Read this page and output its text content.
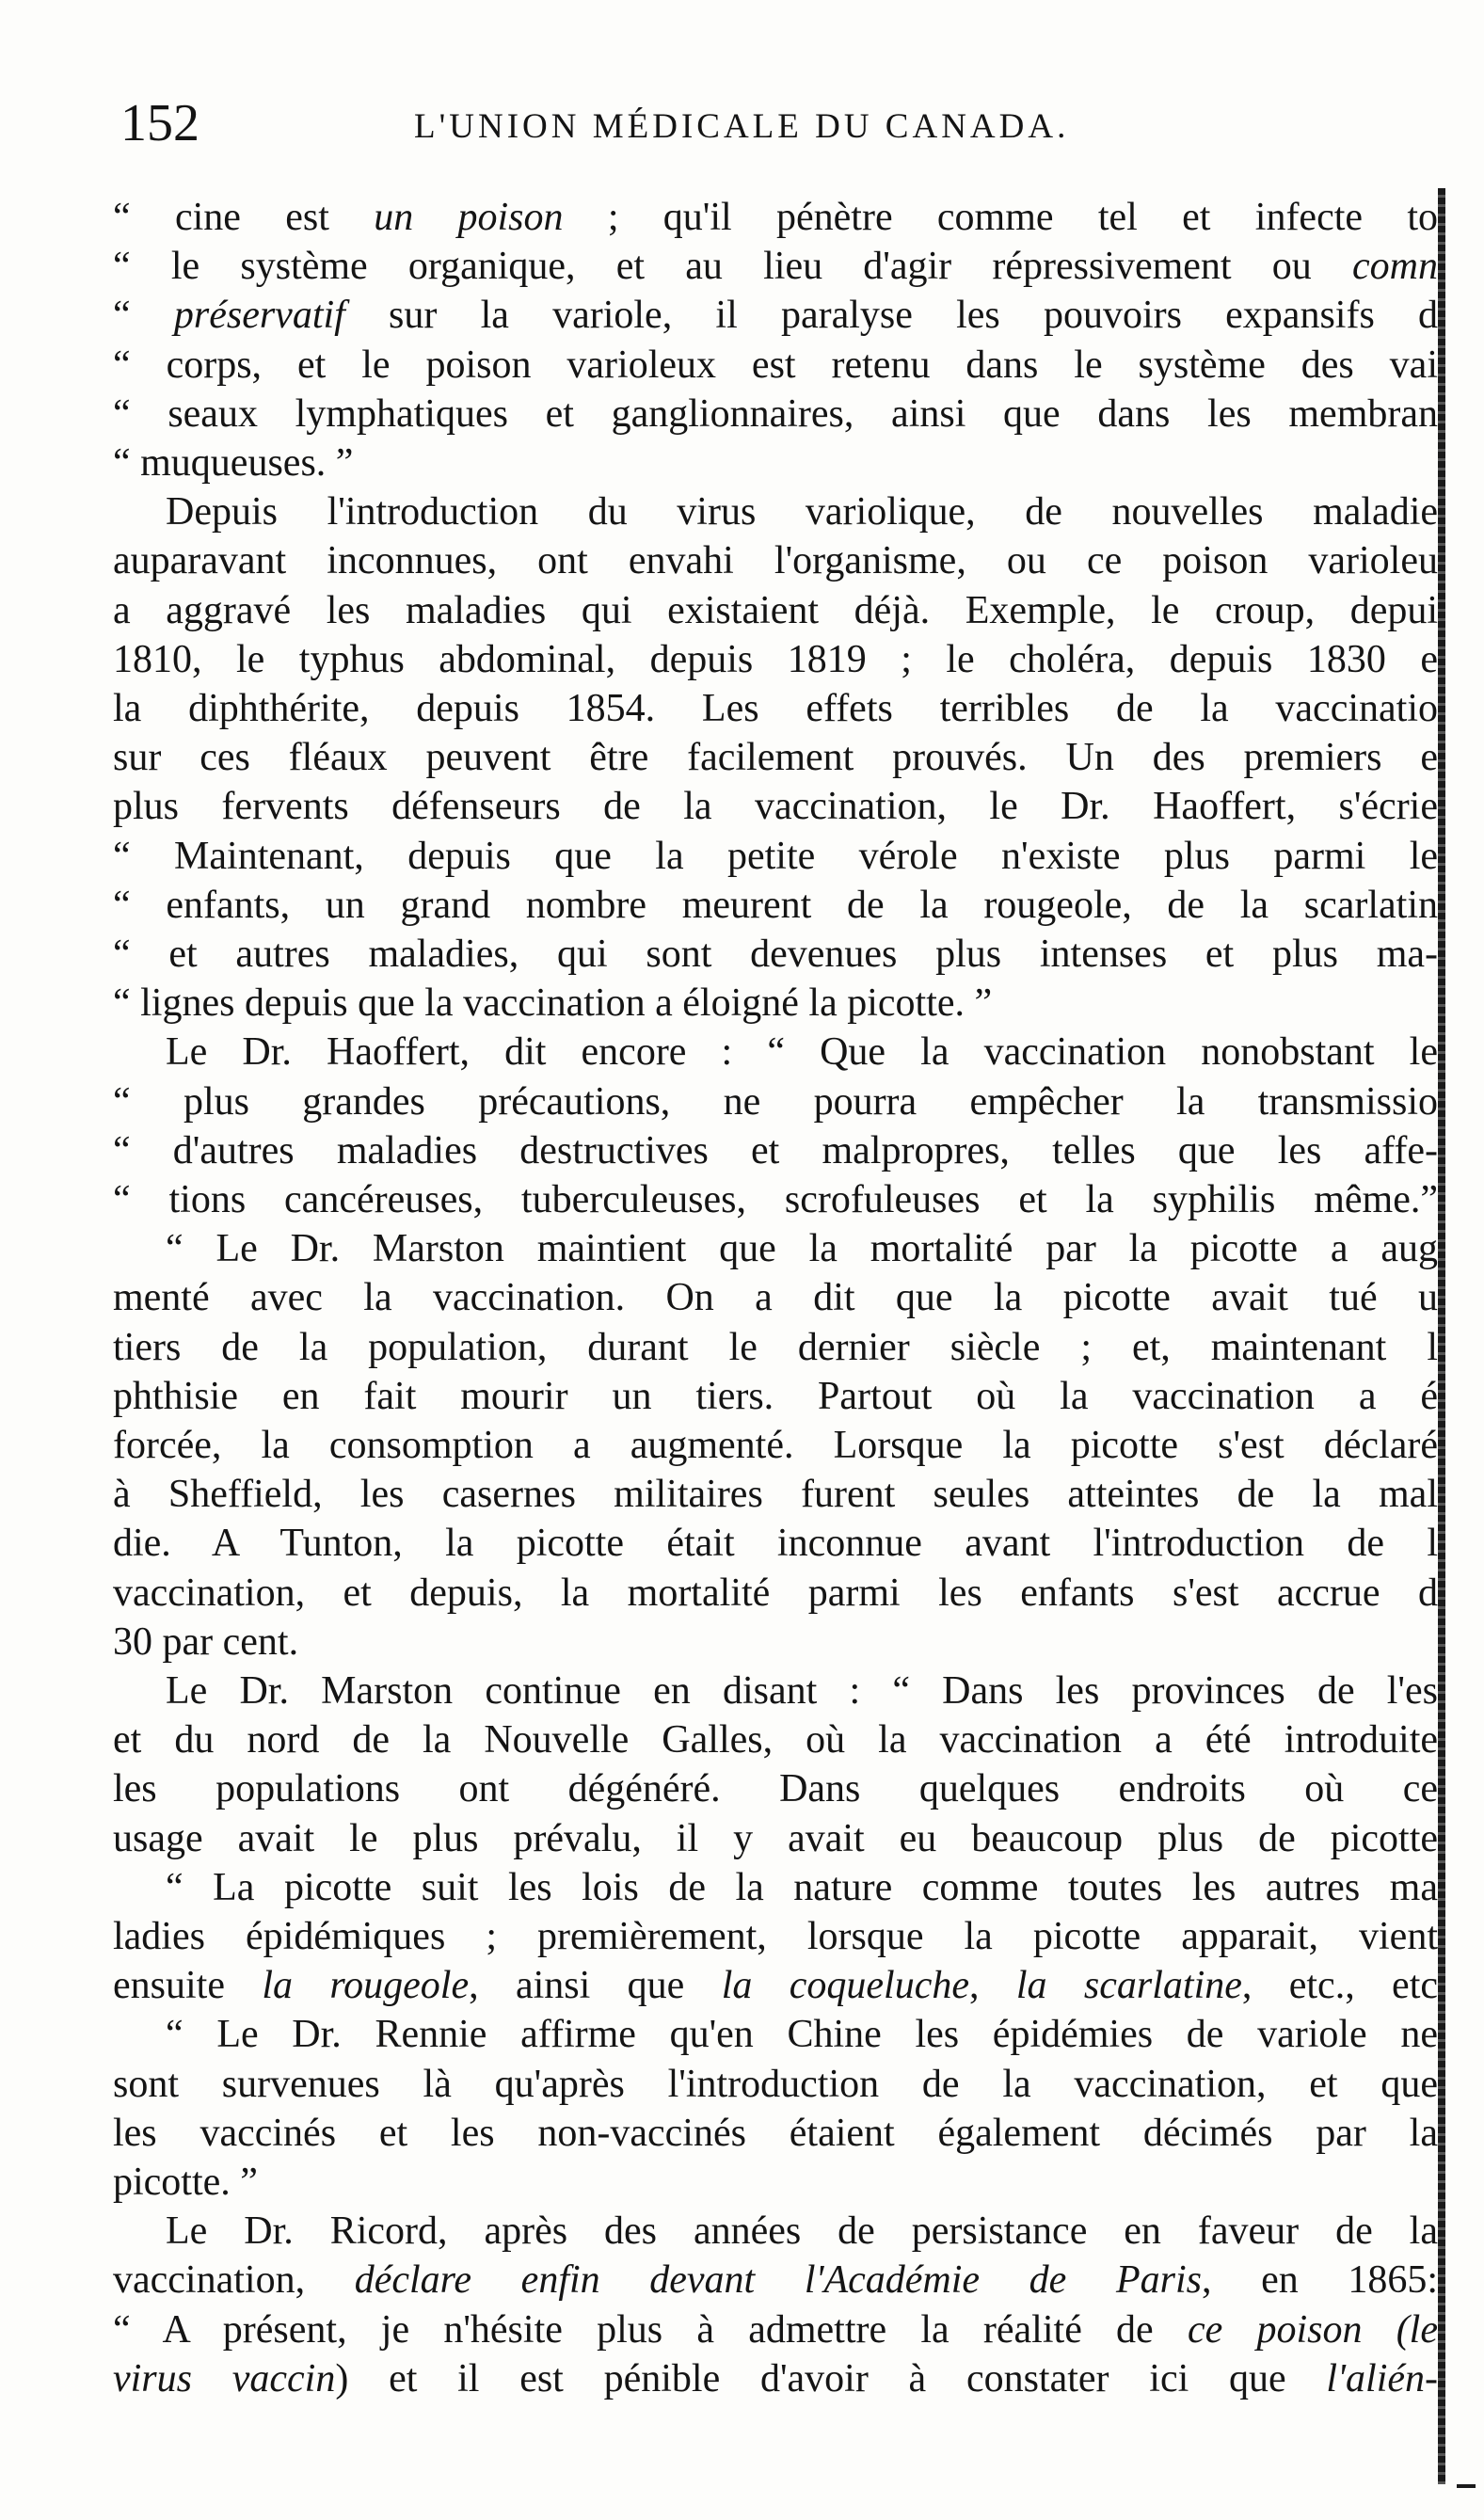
152	L'UNION MÉDICALE DU CANADA.
“ cine est un poison ; qu'il pénètre comme tel et infecte to
“ le système organique, et au lieu d'agir répressivement ou comn
“ préservatif sur la variole, il paralyse les pouvoirs expansifs d
“ corps, et le poison varioleux est retenu dans le système des vai
“ seaux lymphatiques et ganglionnaires, ainsi que dans les membran
“ muqueuses. ”
Depuis l'introduction du virus variolique, de nouvelles maladie
auparavant inconnues, ont envahi l'organisme, ou ce poison varioleu
a aggravé les maladies qui existaient déjà. Exemple, le croup, depui
1810, le typhus abdominal, depuis 1819 ; le choléra, depuis 1830 e
la diphthérite, depuis 1854. Les effets terribles de la vaccinatio
sur ces fléaux peuvent être facilement prouvés. Un des premiers e
plus fervents défenseurs de la vaccination, le Dr. Haoffert, s'écrie
“ Maintenant, depuis que la petite vérole n'existe plus parmi le
“ enfants, un grand nombre meurent de la rougeole, de la scarlatin
“ et autres maladies, qui sont devenues plus intenses et plus ma-
“ lignes depuis que la vaccination a éloigné la picotte. ”
Le Dr. Haoffert, dit encore : “ Que la vaccination nonobstant le
“ plus grandes précautions, ne pourra empêcher la transmissio
“ d'autres maladies destructives et malpropres, telles que les affe-
“ tions cancéreuses, tuberculeuses, scrofuleuses et la syphilis même.”
“ Le Dr. Marston maintient que la mortalité par la picotte a aug
menté avec la vaccination. On a dit que la picotte avait tué u
tiers de la population, durant le dernier siècle ; et, maintenant l
phthisie en fait mourir un tiers. Partout où la vaccination a é
forcée, la consomption a augmenté. Lorsque la picotte s'est déclaré
à Sheffield, les casernes militaires furent seules atteintes de la mal
die. A Tunton, la picotte était inconnue avant l'introduction de l
vaccination, et depuis, la mortalité parmi les enfants s'est accrue d
30 par cent.
Le Dr. Marston continue en disant : “ Dans les provinces de l'es
et du nord de la Nouvelle Galles, où la vaccination a été introduite
les populations ont dégénéré. Dans quelques endroits où ce
usage avait le plus prévalu, il y avait eu beaucoup plus de picotte
“ La picotte suit les lois de la nature comme toutes les autres ma
ladies épidémiques ; premièrement, lorsque la picotte apparait, vient
ensuite la rougeole, ainsi que la coqueluche, la scarlatine, etc., etc
“ Le Dr. Rennie affirme qu'en Chine les épidémies de variole ne
sont survenues là qu'après l'introduction de la vaccination, et que
les vaccinés et les non-vaccinés étaient également décimés par la
picotte. ”
Le Dr. Ricord, après des années de persistance en faveur de la
vaccination, déclare enfin devant l'Académie de Paris, en 1865:
“ A présent, je n'hésite plus à admettre la réalité de ce poison (le
virus vaccin) et il est pénible d'avoir à constater ici que l'alién-
